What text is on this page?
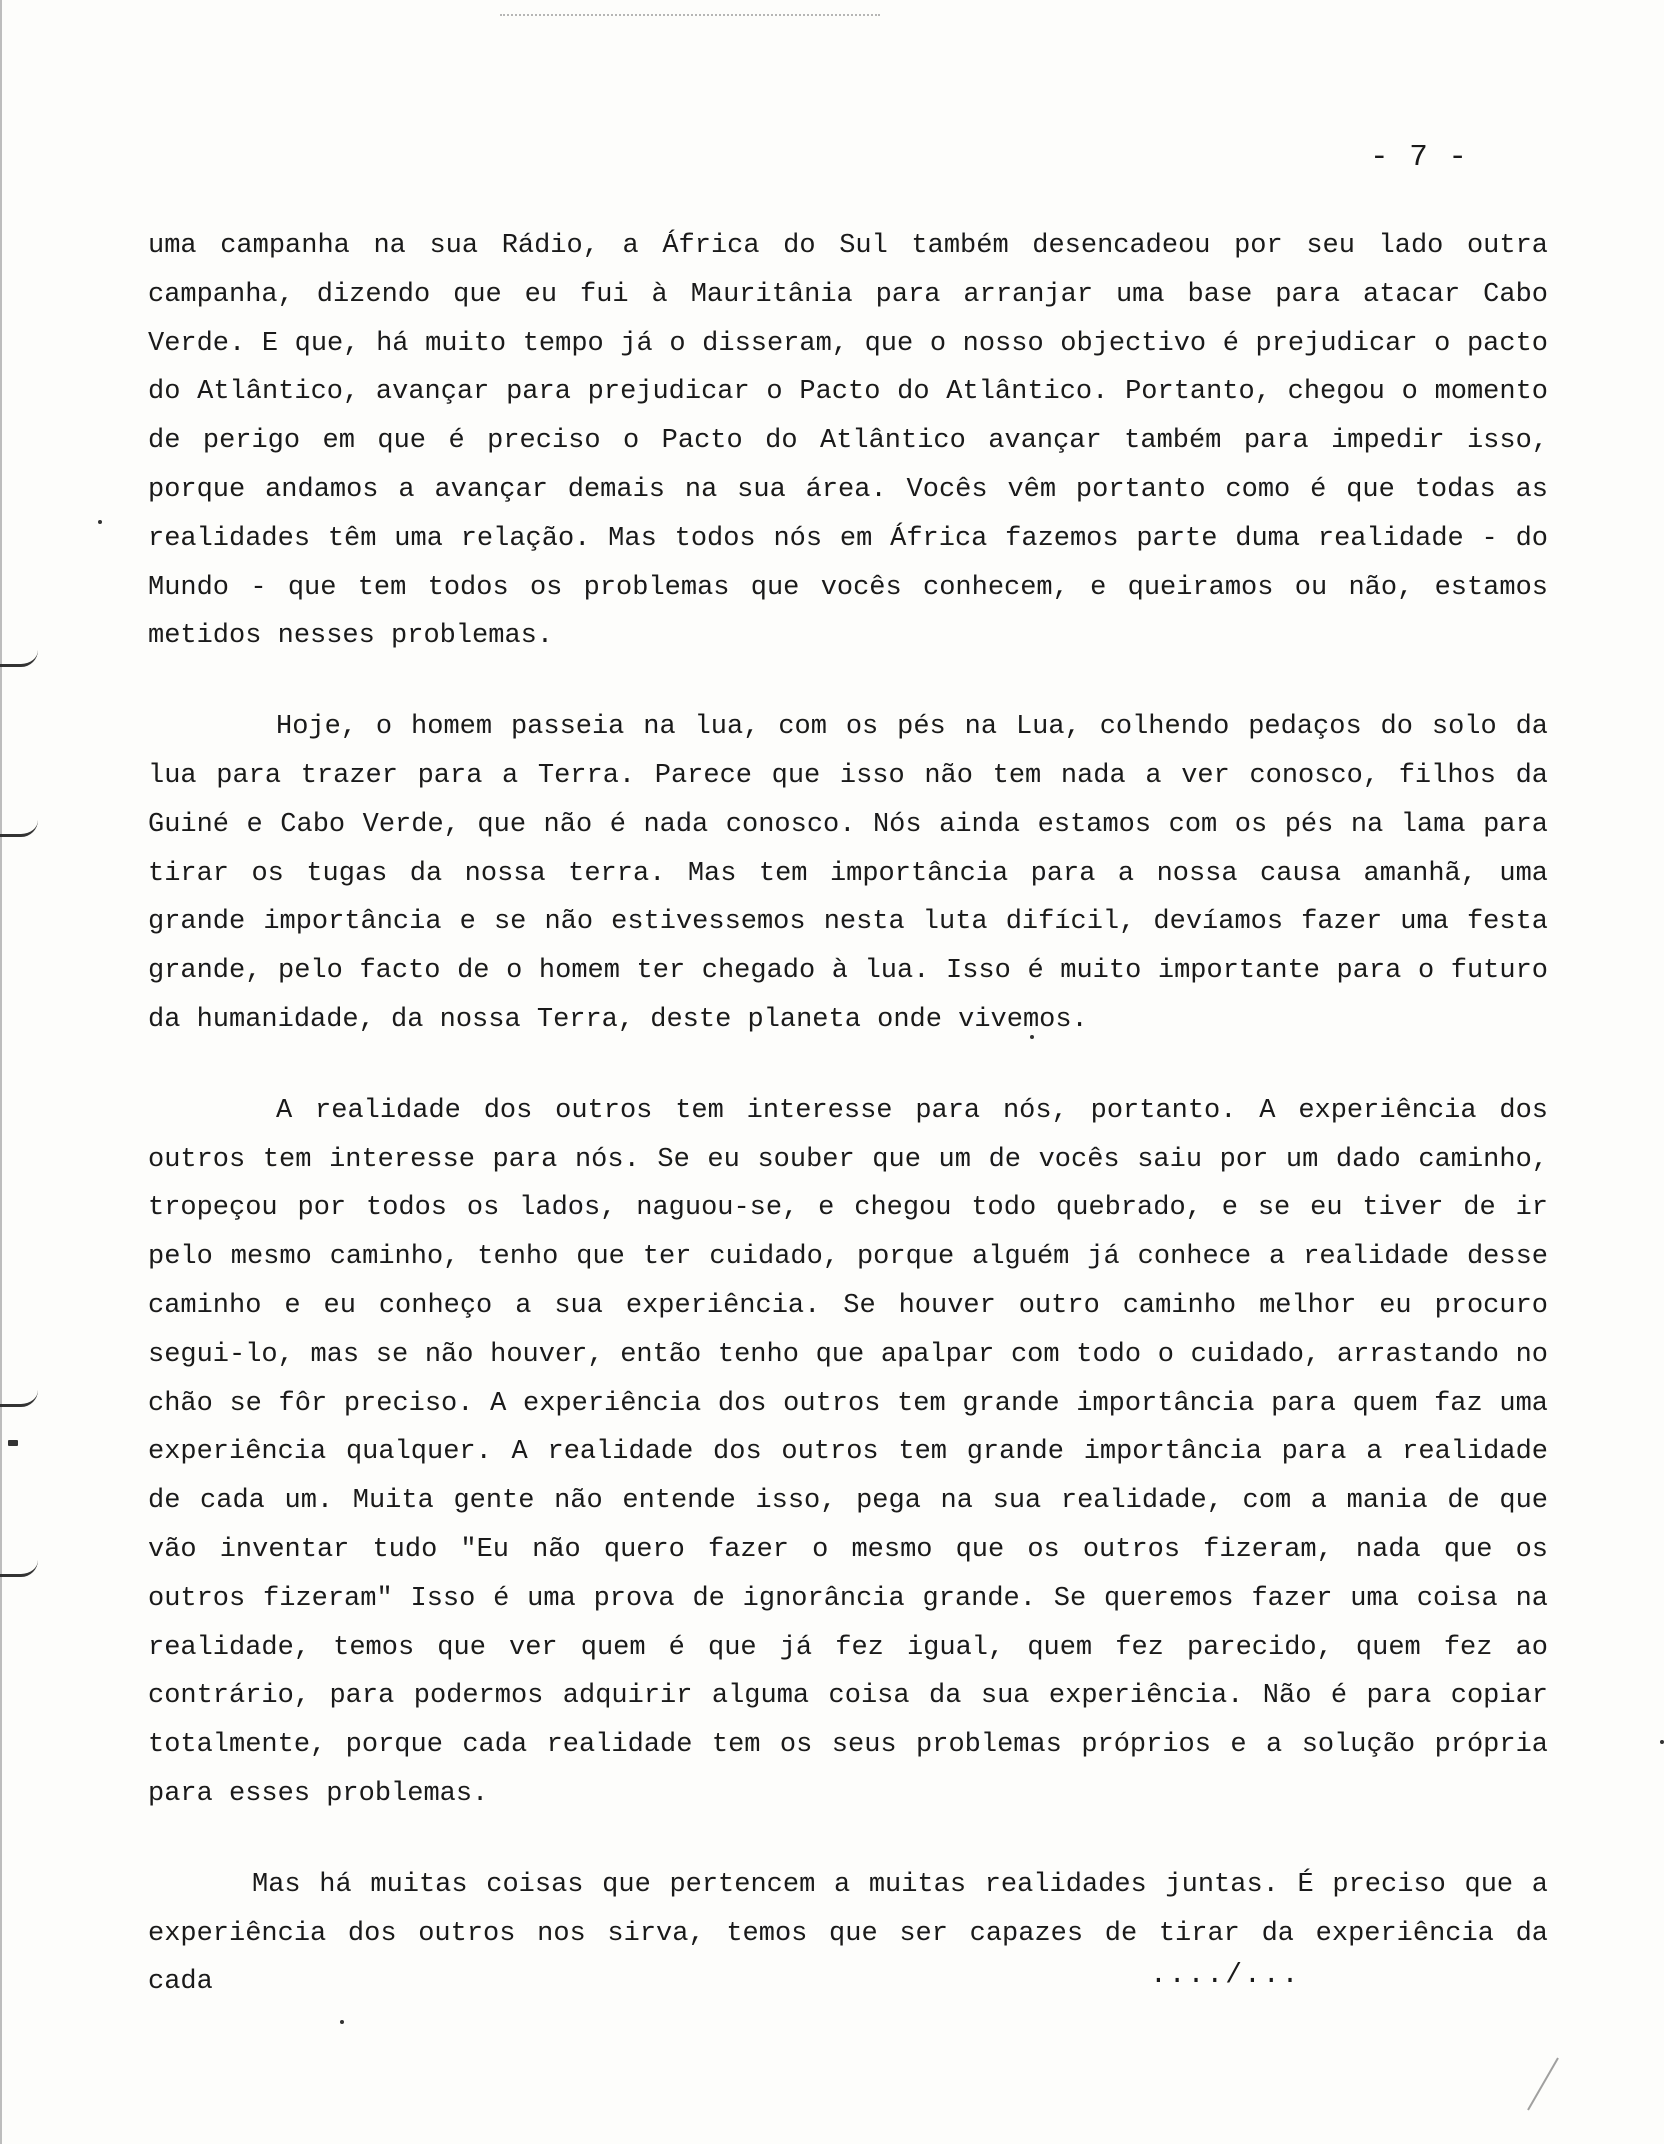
- 7 -

uma campanha na sua Rádio, a África do Sul também desencadeou por seu lado outra campanha, dizendo que eu fui à Mauritânia para arranjar uma base para atacar Cabo Verde. E que, há muito tempo já o disseram, que o nosso objectivo é prejudicar o pacto do Atlântico, avançar para prejudicar o Pacto do Atlântico. Portanto, chegou o momento de perigo em que é preciso o Pacto do Atlântico avançar também para impedir isso, porque andamos a avançar demais na sua área. Vocês vêm portanto como é que todas as realidades têm uma relação. Mas todos nós em África fazemos parte duma realidade - do Mundo - que tem todos os problemas que vocês conhecem, e queiramos ou não, estamos metidos nesses problemas.

Hoje, o homem passeia na lua, com os pés na Lua, colhendo pedaços do solo da lua para trazer para a Terra. Parece que isso não tem nada a ver conosco, filhos da Guiné e Cabo Verde, que não é nada conosco. Nós ainda estamos com os pés na lama para tirar os tugas da nossa terra. Mas tem importância para a nossa causa amanhã, uma grande importância e se não estivessemos nesta luta difícil, devíamos fazer uma festa grande, pelo facto de o homem ter chegado à lua. Isso é muito importante para o futuro da humanidade, da nossa Terra, deste planeta onde vivemos.

A realidade dos outros tem interesse para nós, portanto. A experiência dos outros tem interesse para nós. Se eu souber que um de vocês saiu por um dado caminho, tropeçou por todos os lados, naguou-se, e chegou todo quebrado, e se eu tiver de ir pelo mesmo caminho, tenho que ter cuidado, porque alguém já conhece a realidade desse caminho e eu conheço a sua experiência. Se houver outro caminho melhor eu procuro segui-lo, mas se não houver, então tenho que apalpar com todo o cuidado, arrastando no chão se fôr preciso. A experiência dos outros tem grande importância para quem faz uma experiência qualquer. A realidade dos outros tem grande importância para a realidade de cada um. Muita gente não entende isso, pega na sua realidade, com a mania de que vão inventar tudo "Eu não quero fazer o mesmo que os outros fizeram, nada que os outros fizeram" Isso é uma prova de ignorância grande. Se queremos fazer uma coisa na realidade, temos que ver quem é que já fez igual, quem fez parecido, quem fez ao contrário, para podermos adquirir alguma coisa da sua experiência. Não é para copiar totalmente, porque cada realidade tem os seus problemas próprios e a solução própria para esses problemas.

Mas há muitas coisas que pertencem a muitas realidades juntas. É preciso que a experiência dos outros nos sirva, temos que ser capazes de tirar da experiência da cada	..../...
